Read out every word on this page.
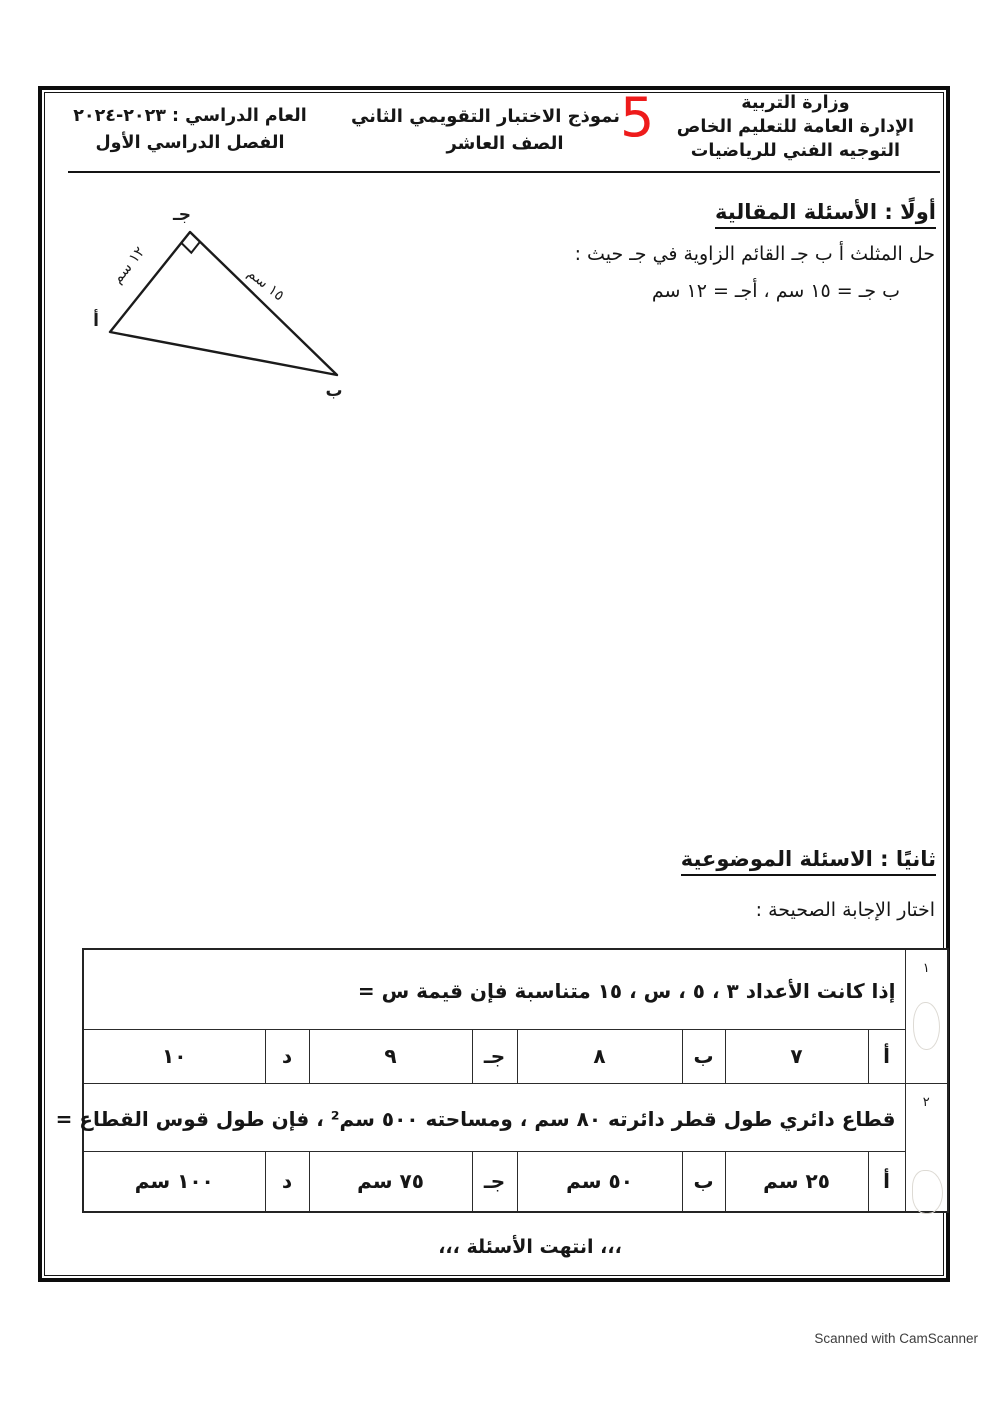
وزارة التربية
الإدارة العامة للتعليم الخاص
التوجيه الفني للرياضيات
5
نموذج الاختبار التقويمي الثاني
الصف العاشر
العام الدراسي : ٢٠٢٣-٢٠٢٤
الفصل الدراسي الأول
أولًا : الأسئلة المقالية
حل المثلث أ ب جـ القائم الزاوية في جـ حيث :
ب جـ = ١٥ سم ، أجـ = ١٢ سم
جـ
أ
ب
١٢ سم
١٥ سم
ثانيًا : الاسئلة الموضوعية
اختار الإجابة الصحيحة :
١	إذا كانت الأعداد ٣ ، ٥ ، س ، ١٥ متناسبة فإن قيمة س =							
	أ	٧	ب	٨	جـ	٩	د	١٠
٢	قطاع دائري طول قطر دائرته ٨٠ سم ، ومساحته ٥٠٠ سم² ، فإن طول قوس القطاع =							
	أ	٢٥ سم	ب	٥٠ سم	جـ	٧٥ سم	د	١٠٠ سم
،،، انتهت الأسئلة ،،،
Scanned with CamScanner
